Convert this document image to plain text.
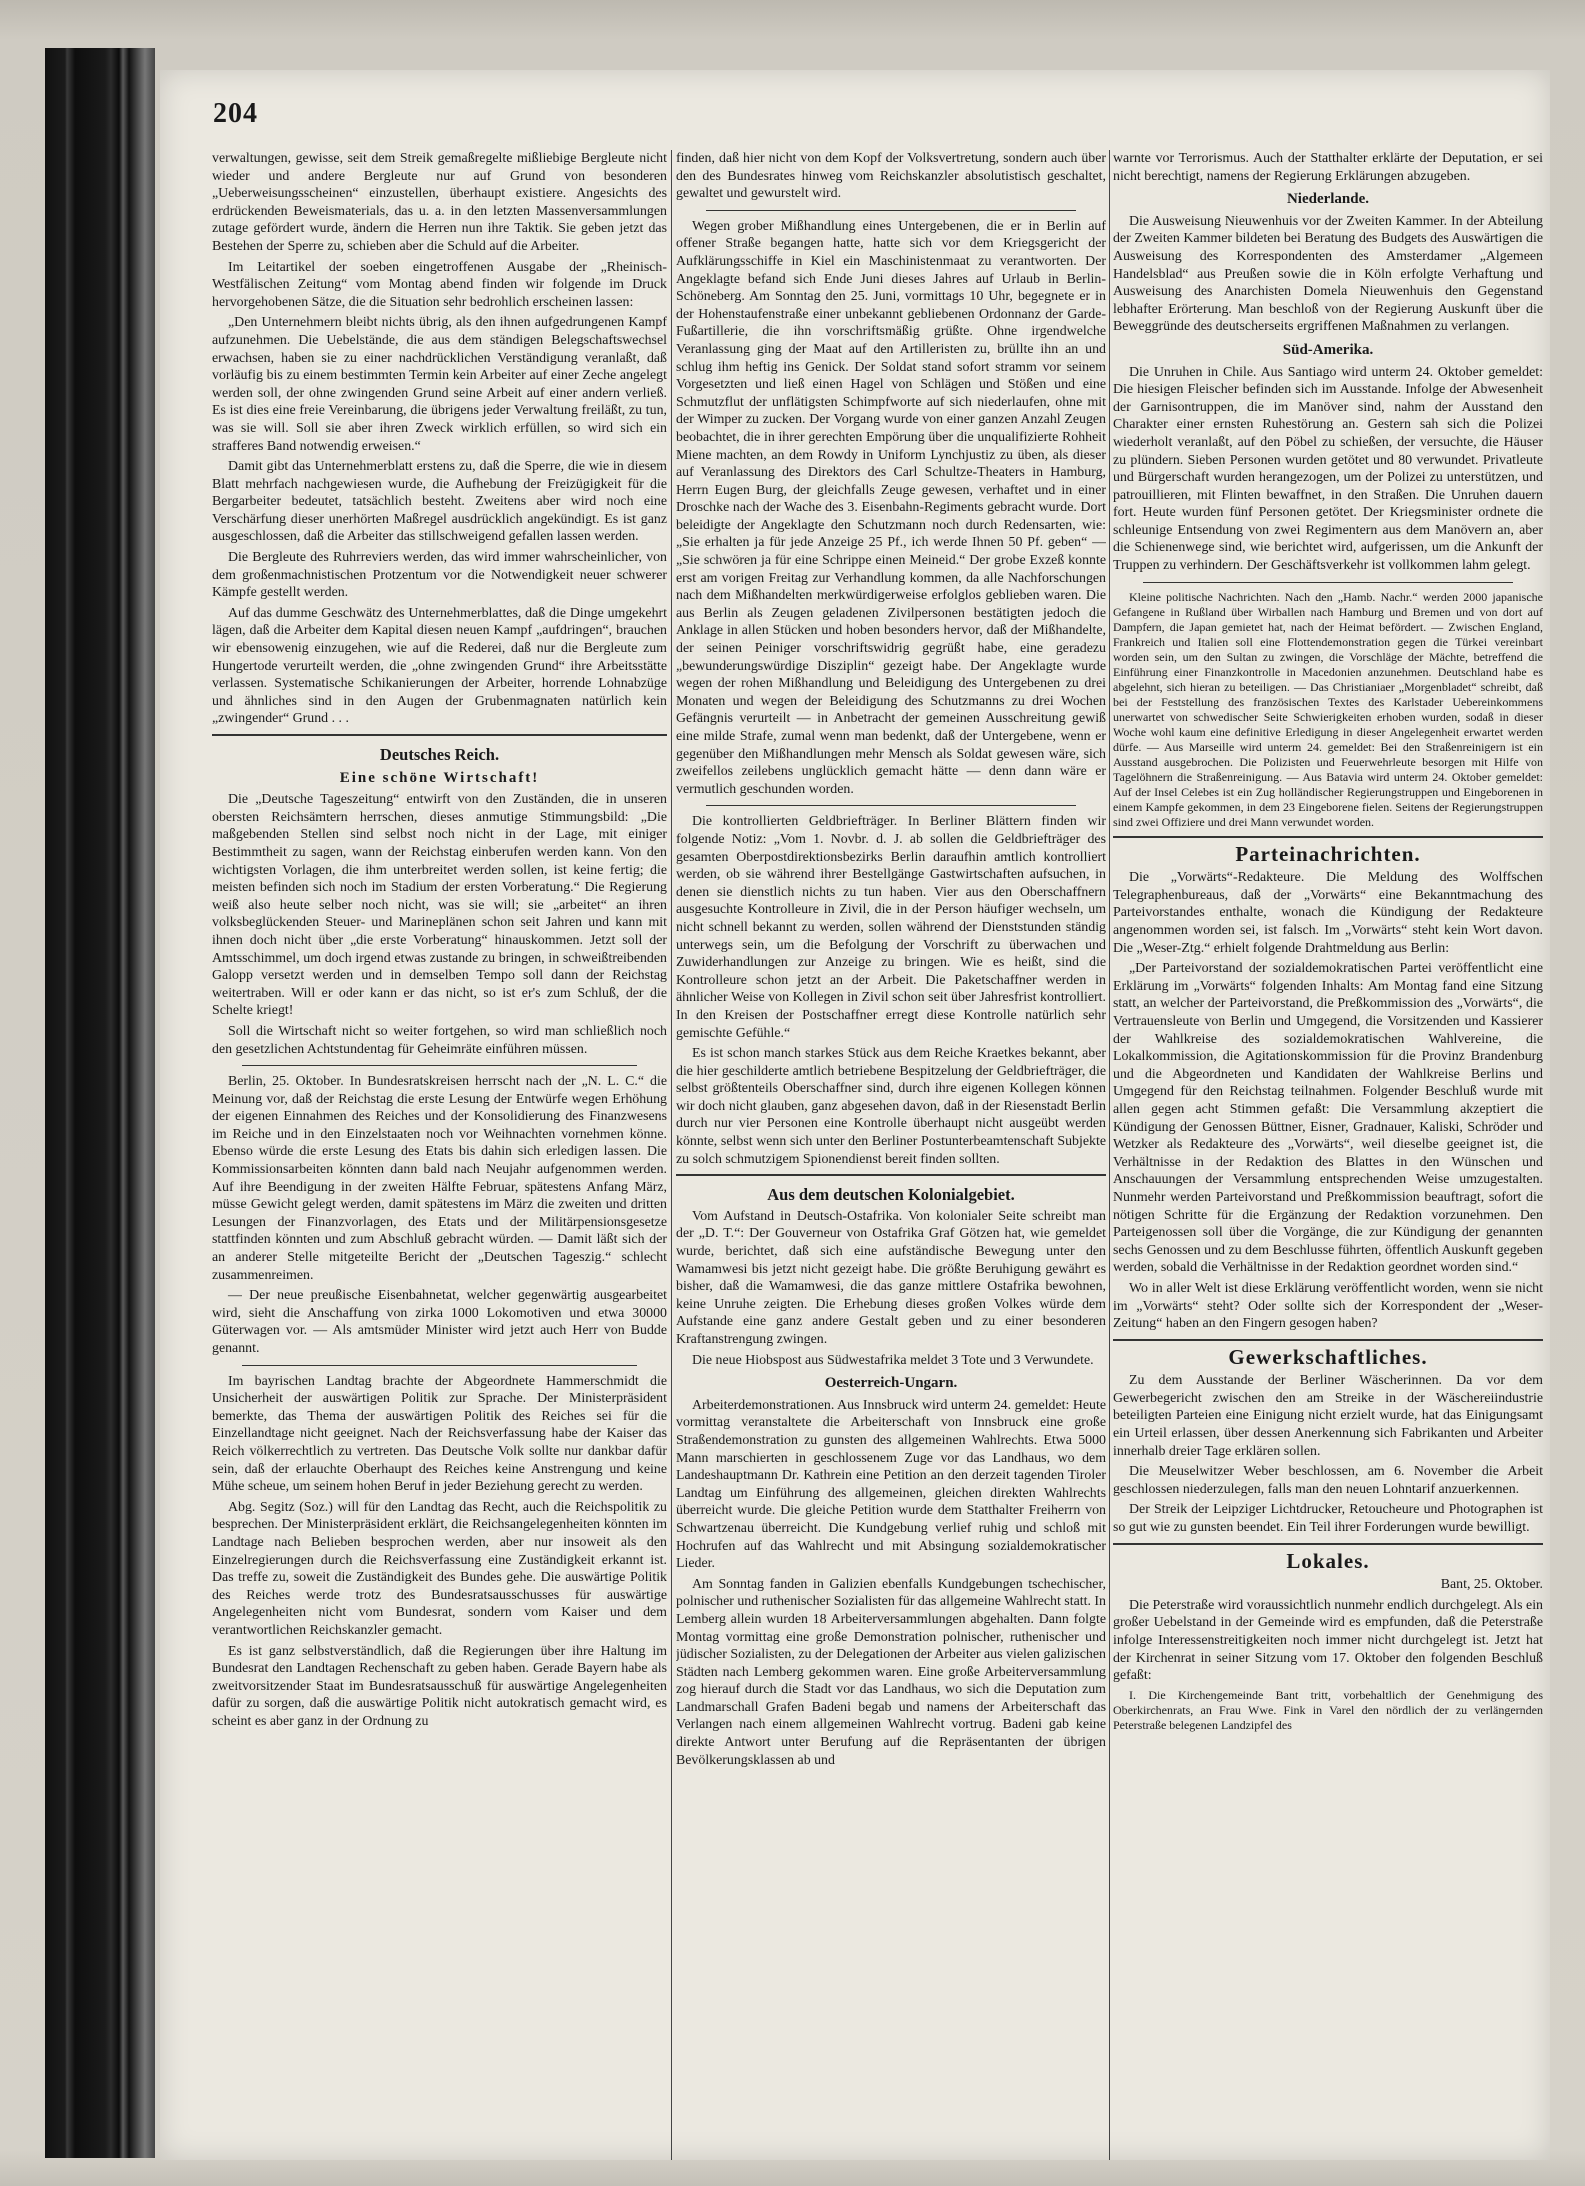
204

verwaltungen, gewisse, seit dem Streik gemaßregelte mißliebige Bergleute nicht wieder und andere Bergleute nur auf Grund von besonderen „Ueberweisungsscheinen“ einzustellen, überhaupt existiere. Angesichts des erdrückenden Beweismaterials, das u. a. in den letzten Massenversammlungen zutage gefördert wurde, ändern die Herren nun ihre Taktik. Sie geben jetzt das Bestehen der Sperre zu, schieben aber die Schuld auf die Arbeiter.

Im Leitartikel der soeben eingetroffenen Ausgabe der „Rheinisch-Westfälischen Zeitung“ vom Montag abend finden wir folgende im Druck hervorgehobenen Sätze, die die Situation sehr bedrohlich erscheinen lassen:

„Den Unternehmern bleibt nichts übrig, als den ihnen aufgedrungenen Kampf aufzunehmen. Die Uebelstände, die aus dem ständigen Belegschaftswechsel erwachsen, haben sie zu einer nachdrücklichen Verständigung veranlaßt, daß vorläufig bis zu einem bestimmten Termin kein Arbeiter auf einer Zeche angelegt werden soll, der ohne zwingenden Grund seine Arbeit auf einer andern verließ. Es ist dies eine freie Vereinbarung, die übrigens jeder Verwaltung freiläßt, zu tun, was sie will. Soll sie aber ihren Zweck wirklich erfüllen, so wird sich ein strafferes Band notwendig erweisen.“

Damit gibt das Unternehmerblatt erstens zu, daß die Sperre, die wie in diesem Blatt mehrfach nachgewiesen wurde, die Aufhebung der Freizügigkeit für die Bergarbeiter bedeutet, tatsächlich besteht. Zweitens aber wird noch eine Verschärfung dieser unerhörten Maßregel ausdrücklich angekündigt. Es ist ganz ausgeschlossen, daß die Arbeiter das stillschweigend gefallen lassen werden.

Die Bergleute des Ruhrreviers werden, das wird immer wahrscheinlicher, von dem großenmachnistischen Protzentum vor die Notwendigkeit neuer schwerer Kämpfe gestellt werden.

Auf das dumme Geschwätz des Unternehmerblattes, daß die Dinge umgekehrt lägen, daß die Arbeiter dem Kapital diesen neuen Kampf „aufdringen“, brauchen wir ebensowenig einzugehen, wie auf die Rederei, daß nur die Bergleute zum Hungertode verurteilt werden, die „ohne zwingenden Grund“ ihre Arbeitsstätte verlassen. Systematische Schikanierungen der Arbeiter, horrende Lohnabzüge und ähnliches sind in den Augen der Grubenmagnaten natürlich kein „zwingender“ Grund . . .

Deutsches Reich.
Eine schöne Wirtschaft!

Die „Deutsche Tageszeitung“ entwirft von den Zuständen, die in unseren obersten Reichsämtern herrschen, dieses anmutige Stimmungsbild: „Die maßgebenden Stellen sind selbst noch nicht in der Lage, mit einiger Bestimmtheit zu sagen, wann der Reichstag einberufen werden kann. Von den wichtigsten Vorlagen, die ihm unterbreitet werden sollen, ist keine fertig; die meisten befinden sich noch im Stadium der ersten Vorberatung.“ Die Regierung weiß also heute selber noch nicht, was sie will; sie „arbeitet“ an ihren volksbeglückenden Steuer- und Marineplänen schon seit Jahren und kann mit ihnen doch nicht über „die erste Vorberatung“ hinauskommen. Jetzt soll der Amtsschimmel, um doch irgend etwas zustande zu bringen, in schweißtreibenden Galopp versetzt werden und in demselben Tempo soll dann der Reichstag weitertraben. Will er oder kann er das nicht, so ist er's zum Schluß, der die Schelte kriegt!

Soll die Wirtschaft nicht so weiter fortgehen, so wird man schließlich noch den gesetzlichen Achtstundentag für Geheimräte einführen müssen.

Berlin, 25. Oktober. In Bundesratskreisen herrscht nach der „N. L. C.“ die Meinung vor, daß der Reichstag die erste Lesung der Entwürfe wegen Erhöhung der eigenen Einnahmen des Reiches und der Konsolidierung des Finanzwesens im Reiche und in den Einzelstaaten noch vor Weihnachten vornehmen könne. Ebenso würde die erste Lesung des Etats bis dahin sich erledigen lassen. Die Kommissionsarbeiten könnten dann bald nach Neujahr aufgenommen werden. Auf ihre Beendigung in der zweiten Hälfte Februar, spätestens Anfang März, müsse Gewicht gelegt werden, damit spätestens im März die zweiten und dritten Lesungen der Finanzvorlagen, des Etats und der Militärpensionsgesetze stattfinden könnten und zum Abschluß gebracht würden. — Damit läßt sich der an anderer Stelle mitgeteilte Bericht der „Deutschen Tageszig.“ schlecht zusammenreimen.

— Der neue preußische Eisenbahnetat, welcher gegenwärtig ausgearbeitet wird, sieht die Anschaffung von zirka 1000 Lokomotiven und etwa 30000 Güterwagen vor. — Als amtsmüder Minister wird jetzt auch Herr von Budde genannt.

Im bayrischen Landtag brachte der Abgeordnete Hammerschmidt die Unsicherheit der auswärtigen Politik zur Sprache. Der Ministerpräsident bemerkte, das Thema der auswärtigen Politik des Reiches sei für die Einzellandtage nicht geeignet. Nach der Reichsverfassung habe der Kaiser das Reich völkerrechtlich zu vertreten. Das Deutsche Volk sollte nur dankbar dafür sein, daß der erlauchte Oberhaupt des Reiches keine Anstrengung und keine Mühe scheue, um seinem hohen Beruf in jeder Beziehung gerecht zu werden.

Abg. Segitz (Soz.) will für den Landtag das Recht, auch die Reichspolitik zu besprechen. Der Ministerpräsident erklärt, die Reichsangelegenheiten könnten im Landtage nach Belieben besprochen werden, aber nur insoweit als den Einzelregierungen durch die Reichsverfassung eine Zuständigkeit erkannt ist. Das treffe zu, soweit die Zuständigkeit des Bundes gehe. Die auswärtige Politik des Reiches werde trotz des Bundesratsausschusses für auswärtige Angelegenheiten nicht vom Bundesrat, sondern vom Kaiser und dem verantwortlichen Reichskanzler gemacht.

Es ist ganz selbstverständlich, daß die Regierungen über ihre Haltung im Bundesrat den Landtagen Rechenschaft zu geben haben. Gerade Bayern habe als zweitvorsitzender Staat im Bundesratsausschuß für auswärtige Angelegenheiten dafür zu sorgen, daß die auswärtige Politik nicht autokratisch gemacht wird, es scheint es aber ganz in der Ordnung zu

finden, daß hier nicht von dem Kopf der Volksvertretung, sondern auch über den des Bundesrates hinweg vom Reichskanzler absolutistisch geschaltet, gewaltet und gewurstelt wird.

Wegen grober Mißhandlung eines Untergebenen, die er in Berlin auf offener Straße begangen hatte, hatte sich vor dem Kriegsgericht der Aufklärungsschiffe in Kiel ein Maschinistenmaat zu verantworten. Der Angeklagte befand sich Ende Juni dieses Jahres auf Urlaub in Berlin-Schöneberg. Am Sonntag den 25. Juni, vormittags 10 Uhr, begegnete er in der Hohenstaufenstraße einer unbekannt gebliebenen Ordonnanz der Garde-Fußartillerie, die ihn vorschriftsmäßig grüßte. Ohne irgendwelche Veranlassung ging der Maat auf den Artilleristen zu, brüllte ihn an und schlug ihm heftig ins Genick. Der Soldat stand sofort stramm vor seinem Vorgesetzten und ließ einen Hagel von Schlägen und Stößen und eine Schmutzflut der unflätigsten Schimpfworte auf sich niederlaufen, ohne mit der Wimper zu zucken. Der Vorgang wurde von einer ganzen Anzahl Zeugen beobachtet, die in ihrer gerechten Empörung über die unqualifizierte Rohheit Miene machten, an dem Rowdy in Uniform Lynchjustiz zu üben, als dieser auf Veranlassung des Direktors des Carl Schultze-Theaters in Hamburg, Herrn Eugen Burg, der gleichfalls Zeuge gewesen, verhaftet und in einer Droschke nach der Wache des 3. Eisenbahn-Regiments gebracht wurde. Dort beleidigte der Angeklagte den Schutzmann noch durch Redensarten, wie: „Sie erhalten ja für jede Anzeige 25 Pf., ich werde Ihnen 50 Pf. geben“ — „Sie schwören ja für eine Schrippe einen Meineid.“ Der grobe Exzeß konnte erst am vorigen Freitag zur Verhandlung kommen, da alle Nachforschungen nach dem Mißhandelten merkwürdigerweise erfolglos geblieben waren. Die aus Berlin als Zeugen geladenen Zivilpersonen bestätigten jedoch die Anklage in allen Stücken und hoben besonders hervor, daß der Mißhandelte, der seinen Peiniger vorschriftswidrig gegrüßt habe, eine geradezu „bewunderungswürdige Disziplin“ gezeigt habe. Der Angeklagte wurde wegen der rohen Mißhandlung und Beleidigung des Untergebenen zu drei Monaten und wegen der Beleidigung des Schutzmanns zu drei Wochen Gefängnis verurteilt — in Anbetracht der gemeinen Ausschreitung gewiß eine milde Strafe, zumal wenn man bedenkt, daß der Untergebene, wenn er gegenüber den Mißhandlungen mehr Mensch als Soldat gewesen wäre, sich zweifellos zeilebens unglücklich gemacht hätte — denn dann wäre er vermutlich geschunden worden.

Die kontrollierten Geldbriefträger. In Berliner Blättern finden wir folgende Notiz: „Vom 1. Novbr. d. J. ab sollen die Geldbriefträger des gesamten Oberpostdirektionsbezirks Berlin daraufhin amtlich kontrolliert werden, ob sie während ihrer Bestellgänge Gastwirtschaften aufsuchen, in denen sie dienstlich nichts zu tun haben. Vier aus den Oberschaffnern ausgesuchte Kontrolleure in Zivil, die in der Person häufiger wechseln, um nicht schnell bekannt zu werden, sollen während der Dienststunden ständig unterwegs sein, um die Befolgung der Vorschrift zu überwachen und Zuwiderhandlungen zur Anzeige zu bringen. Wie es heißt, sind die Kontrolleure schon jetzt an der Arbeit. Die Paketschaffner werden in ähnlicher Weise von Kollegen in Zivil schon seit über Jahresfrist kontrolliert. In den Kreisen der Postschaffner erregt diese Kontrolle natürlich sehr gemischte Gefühle.“

Es ist schon manch starkes Stück aus dem Reiche Kraetkes bekannt, aber die hier geschilderte amtlich betriebene Bespitzelung der Geldbriefträger, die selbst größtenteils Oberschaffner sind, durch ihre eigenen Kollegen können wir doch nicht glauben, ganz abgesehen davon, daß in der Riesenstadt Berlin durch nur vier Personen eine Kontrolle überhaupt nicht ausgeübt werden könnte, selbst wenn sich unter den Berliner Postunterbeamtenschaft Subjekte zu solch schmutzigem Spionendienst bereit finden sollten.

Aus dem deutschen Kolonialgebiet.

Vom Aufstand in Deutsch-Ostafrika. Von kolonialer Seite schreibt man der „D. T.“: Der Gouverneur von Ostafrika Graf Götzen hat, wie gemeldet wurde, berichtet, daß sich eine aufständische Bewegung unter den Wamamwesi bis jetzt nicht gezeigt habe. Die größte Beruhigung gewährt es bisher, daß die Wamamwesi, die das ganze mittlere Ostafrika bewohnen, keine Unruhe zeigten. Die Erhebung dieses großen Volkes würde dem Aufstande eine ganz andere Gestalt geben und zu einer besonderen Kraftanstrengung zwingen.

Die neue Hiobspost aus Südwestafrika meldet 3 Tote und 3 Verwundete.

Oesterreich-Ungarn.

Arbeiterdemonstrationen. Aus Innsbruck wird unterm 24. gemeldet: Heute vormittag veranstaltete die Arbeiterschaft von Innsbruck eine große Straßendemonstration zu gunsten des allgemeinen Wahlrechts. Etwa 5000 Mann marschierten in geschlossenem Zuge vor das Landhaus, wo dem Landeshauptmann Dr. Kathrein eine Petition an den derzeit tagenden Tiroler Landtag um Einführung des allgemeinen, gleichen direkten Wahlrechts überreicht wurde. Die gleiche Petition wurde dem Statthalter Freiherrn von Schwartzenau überreicht. Die Kundgebung verlief ruhig und schloß mit Hochrufen auf das Wahlrecht und mit Absingung sozialdemokratischer Lieder.

Am Sonntag fanden in Galizien ebenfalls Kundgebungen tschechischer, polnischer und ruthenischer Sozialisten für das allgemeine Wahlrecht statt. In Lemberg allein wurden 18 Arbeiterversammlungen abgehalten. Dann folgte Montag vormittag eine große Demonstration polnischer, ruthenischer und jüdischer Sozialisten, zu der Delegationen der Arbeiter aus vielen galizischen Städten nach Lemberg gekommen waren. Eine große Arbeiterversammlung zog hierauf durch die Stadt vor das Landhaus, wo sich die Deputation zum Landmarschall Grafen Badeni begab und namens der Arbeiterschaft das Verlangen nach einem allgemeinen Wahlrecht vortrug. Badeni gab keine direkte Antwort unter Berufung auf die Repräsentanten der übrigen Bevölkerungsklassen ab und

warnte vor Terrorismus. Auch der Statthalter erklärte der Deputation, er sei nicht berechtigt, namens der Regierung Erklärungen abzugeben.

Niederlande.

Die Ausweisung Nieuwenhuis vor der Zweiten Kammer. In der Abteilung der Zweiten Kammer bildeten bei Beratung des Budgets des Auswärtigen die Ausweisung des Korrespondenten des Amsterdamer „Algemeen Handelsblad“ aus Preußen sowie die in Köln erfolgte Verhaftung und Ausweisung des Anarchisten Domela Nieuwenhuis den Gegenstand lebhafter Erörterung. Man beschloß von der Regierung Auskunft über die Beweggründe des deutscherseits ergriffenen Maßnahmen zu verlangen.

Süd-Amerika.

Die Unruhen in Chile. Aus Santiago wird unterm 24. Oktober gemeldet: Die hiesigen Fleischer befinden sich im Ausstande. Infolge der Abwesenheit der Garnisontruppen, die im Manöver sind, nahm der Ausstand den Charakter einer ernsten Ruhestörung an. Gestern sah sich die Polizei wiederholt veranlaßt, auf den Pöbel zu schießen, der versuchte, die Häuser zu plündern. Sieben Personen wurden getötet und 80 verwundet. Privatleute und Bürgerschaft wurden herangezogen, um der Polizei zu unterstützen, und patrouillieren, mit Flinten bewaffnet, in den Straßen. Die Unruhen dauern fort. Heute wurden fünf Personen getötet. Der Kriegsminister ordnete die schleunige Entsendung von zwei Regimentern aus dem Manövern an, aber die Schienenwege sind, wie berichtet wird, aufgerissen, um die Ankunft der Truppen zu verhindern. Der Geschäftsverkehr ist vollkommen lahm gelegt.

Kleine politische Nachrichten. Nach den „Hamb. Nachr.“ werden 2000 japanische Gefangene in Rußland über Wirballen nach Hamburg und Bremen und von dort auf Dampfern, die Japan gemietet hat, nach der Heimat befördert. — Zwischen England, Frankreich und Italien soll eine Flottendemonstration gegen die Türkei vereinbart worden sein, um den Sultan zu zwingen, die Vorschläge der Mächte, betreffend die Einführung einer Finanzkontrolle in Macedonien anzunehmen. Deutschland habe es abgelehnt, sich hieran zu beteiligen. — Das Christianiaer „Morgenbladet“ schreibt, daß bei der Feststellung des französischen Textes des Karlstader Uebereinkommens unerwartet von schwedischer Seite Schwierigkeiten erhoben wurden, sodaß in dieser Woche wohl kaum eine definitive Erledigung in dieser Angelegenheit erwartet werden dürfe. — Aus Marseille wird unterm 24. gemeldet: Bei den Straßenreinigern ist ein Ausstand ausgebrochen. Die Polizisten und Feuerwehrleute besorgen mit Hilfe von Tagelöhnern die Straßenreinigung. — Aus Batavia wird unterm 24. Oktober gemeldet: Auf der Insel Celebes ist ein Zug holländischer Regierungstruppen und Eingeborenen in einem Kampfe gekommen, in dem 23 Eingeborene fielen. Seitens der Regierungstruppen sind zwei Offiziere und drei Mann verwundet worden.

Parteinachrichten.

Die „Vorwärts“-Redakteure. Die Meldung des Wolffschen Telegraphenbureaus, daß der „Vorwärts“ eine Bekanntmachung des Parteivorstandes enthalte, wonach die Kündigung der Redakteure angenommen worden sei, ist falsch. Im „Vorwärts“ steht kein Wort davon. Die „Weser-Ztg.“ erhielt folgende Drahtmeldung aus Berlin:

„Der Parteivorstand der sozialdemokratischen Partei veröffentlicht eine Erklärung im „Vorwärts“ folgenden Inhalts: Am Montag fand eine Sitzung statt, an welcher der Parteivorstand, die Preßkommission des „Vorwärts“, die Vertrauensleute von Berlin und Umgegend, die Vorsitzenden und Kassierer der Wahlkreise des sozialdemokratischen Wahlvereine, die Lokalkommission, die Agitationskommission für die Provinz Brandenburg und die Abgeordneten und Kandidaten der Wahlkreise Berlins und Umgegend für den Reichstag teilnahmen. Folgender Beschluß wurde mit allen gegen acht Stimmen gefaßt: Die Versammlung akzeptiert die Kündigung der Genossen Büttner, Eisner, Gradnauer, Kaliski, Schröder und Wetzker als Redakteure des „Vorwärts“, weil dieselbe geeignet ist, die Verhältnisse in der Redaktion des Blattes in den Wünschen und Anschauungen der Versammlung entsprechenden Weise umzugestalten. Nunmehr werden Parteivorstand und Preßkommission beauftragt, sofort die nötigen Schritte für die Ergänzung der Redaktion vorzunehmen. Den Parteigenossen soll über die Vorgänge, die zur Kündigung der genannten sechs Genossen und zu dem Beschlusse führten, öffentlich Auskunft gegeben werden, sobald die Verhältnisse in der Redaktion geordnet worden sind.“

Wo in aller Welt ist diese Erklärung veröffentlicht worden, wenn sie nicht im „Vorwärts“ steht? Oder sollte sich der Korrespondent der „Weser-Zeitung“ haben an den Fingern gesogen haben?

Gewerkschaftliches.

Zu dem Ausstande der Berliner Wäscherinnen. Da vor dem Gewerbegericht zwischen den am Streike in der Wäschereiindustrie beteiligten Parteien eine Einigung nicht erzielt wurde, hat das Einigungsamt ein Urteil erlassen, über dessen Anerkennung sich Fabrikanten und Arbeiter innerhalb dreier Tage erklären sollen.

Die Meuselwitzer Weber beschlossen, am 6. November die Arbeit geschlossen niederzulegen, falls man den neuen Lohntarif anzuerkennen.

Der Streik der Leipziger Lichtdrucker, Retoucheure und Photographen ist so gut wie zu gunsten beendet. Ein Teil ihrer Forderungen wurde bewilligt.

Lokales.

Bant, 25. Oktober.

Die Peterstraße wird voraussichtlich nunmehr endlich durchgelegt. Als ein großer Uebelstand in der Gemeinde wird es empfunden, daß die Peterstraße infolge Interessenstreitigkeiten noch immer nicht durchgelegt ist. Jetzt hat der Kirchenrat in seiner Sitzung vom 17. Oktober den folgenden Beschluß gefaßt:

I. Die Kirchengemeinde Bant tritt, vorbehaltlich der Genehmigung des Oberkirchenrats, an Frau Wwe. Fink in Varel den nördlich der zu verlängernden Peterstraße belegenen Landzipfel des
